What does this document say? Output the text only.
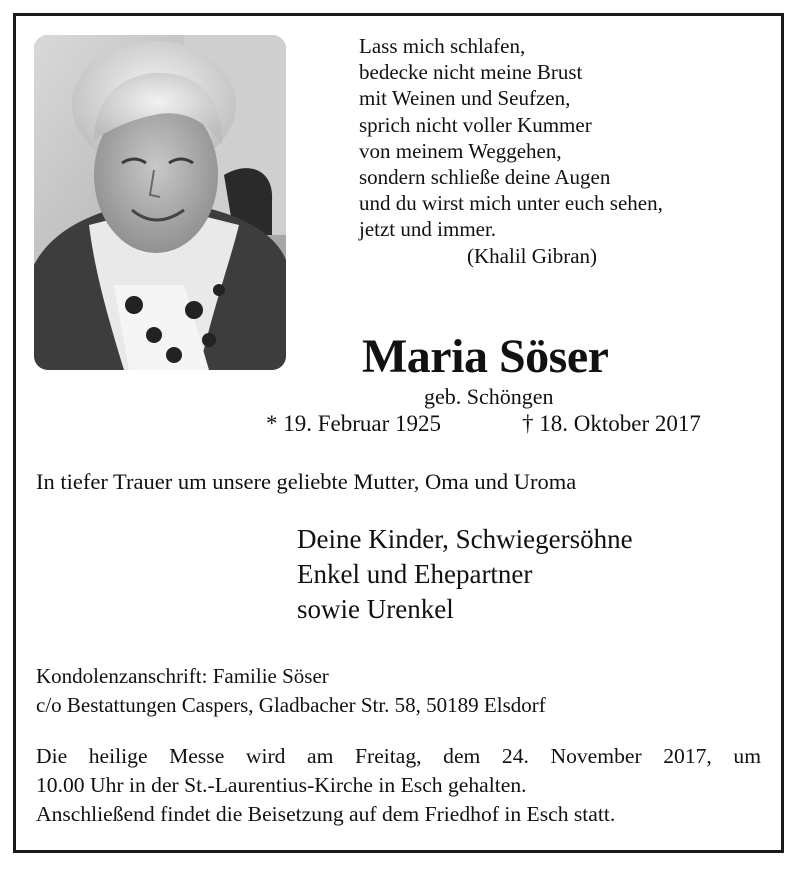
Lass mich schlafen,
bedecke nicht meine Brust
mit Weinen und Seufzen,
sprich nicht voller Kummer
von meinem Weggehen,
sondern schließe deine Augen
und du wirst mich unter euch sehen,
jetzt und immer.
(Khalil Gibran)
Maria Söser
geb. Schöngen
* 19. Februar 1925	† 18. Oktober 2017
In tiefer Trauer um unsere geliebte Mutter, Oma und Uroma
Deine Kinder, Schwiegersöhne
Enkel und Ehepartner
sowie Urenkel
Kondolenzanschrift: Familie Söser
c/o Bestattungen Caspers, Gladbacher Str. 58, 50189 Elsdorf
Die heilige Messe wird am Freitag, dem 24. November 2017, um
10.00 Uhr in der St.-Laurentius-Kirche in Esch gehalten.
Anschließend findet die Beisetzung auf dem Friedhof in Esch statt.
